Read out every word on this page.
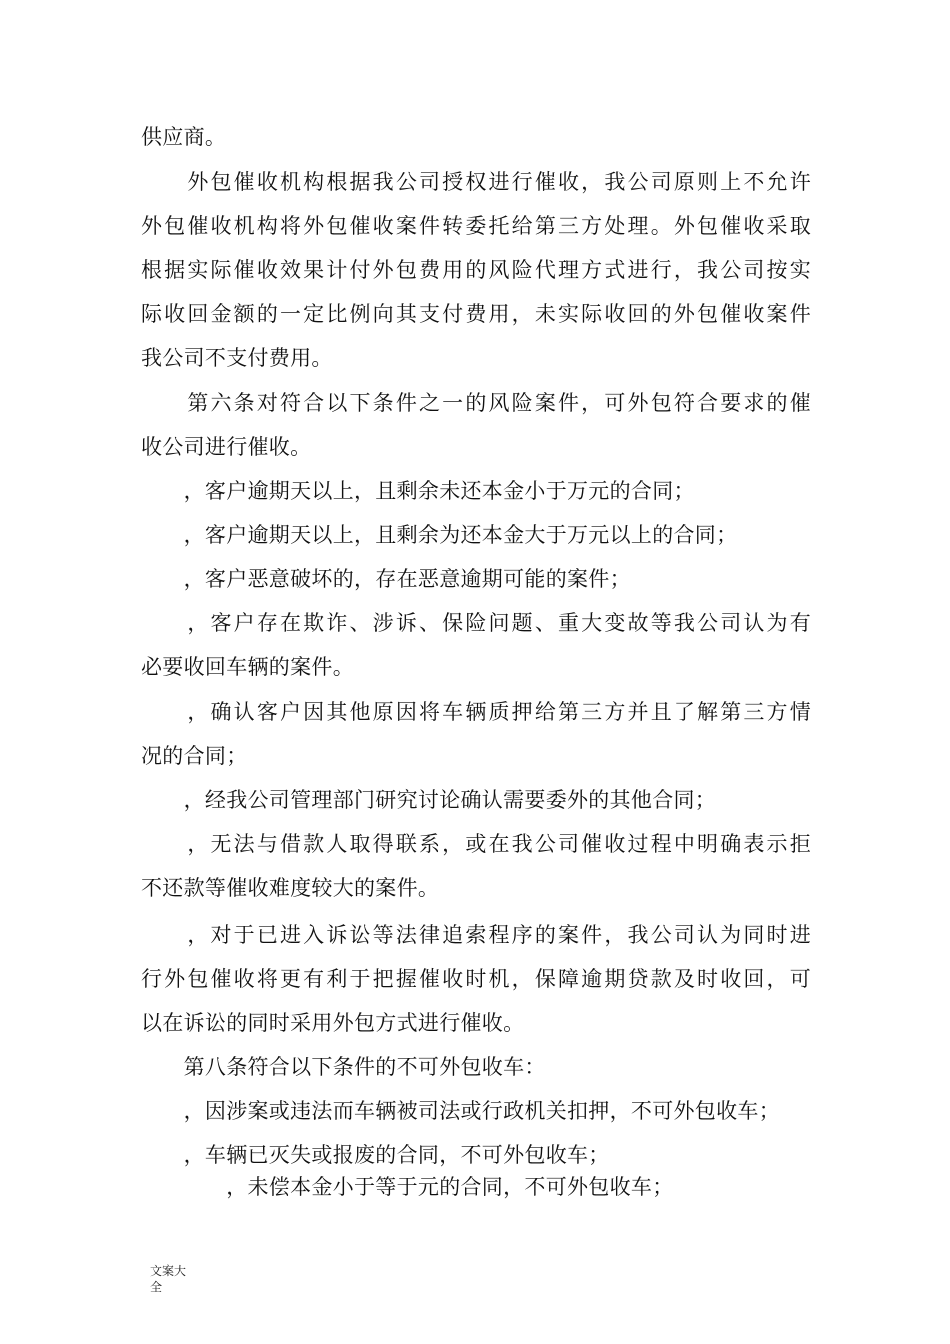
供应商。
　　外包催收机构根据我公司授权进行催收，我公司原则上不允许
外包催收机构将外包催收案件转委托给第三方处理。外包催收采取
根据实际催收效果计付外包费用的风险代理方式进行，我公司按实
际收回金额的一定比例向其支付费用，未实际收回的外包催收案件
我公司不支付费用。
　　第六条对符合以下条件之一的风险案件，可外包符合要求的催
收公司进行催收。
　　，客户逾期天以上，且剩余未还本金小于万元的合同；
　　，客户逾期天以上，且剩余为还本金大于万元以上的合同；
　　，客户恶意破坏的，存在恶意逾期可能的案件；
　　，客户存在欺诈、涉诉、保险问题、重大变故等我公司认为有
必要收回车辆的案件。
　　，确认客户因其他原因将车辆质押给第三方并且了解第三方情
况的合同；
　　，经我公司管理部门研究讨论确认需要委外的其他合同；
　　，无法与借款人取得联系，或在我公司催收过程中明确表示拒
不还款等催收难度较大的案件。
　　，对于已进入诉讼等法律追索程序的案件，我公司认为同时进
行外包催收将更有利于把握催收时机，保障逾期贷款及时收回，可
以在诉讼的同时采用外包方式进行催收。
　　第八条符合以下条件的不可外包收车：
　　，因涉案或违法而车辆被司法或行政机关扣押，不可外包收车；
　　，车辆已灭失或报废的合同，不可外包收车；
　　　　，未偿本金小于等于元的合同，不可外包收车；
文案大
全
